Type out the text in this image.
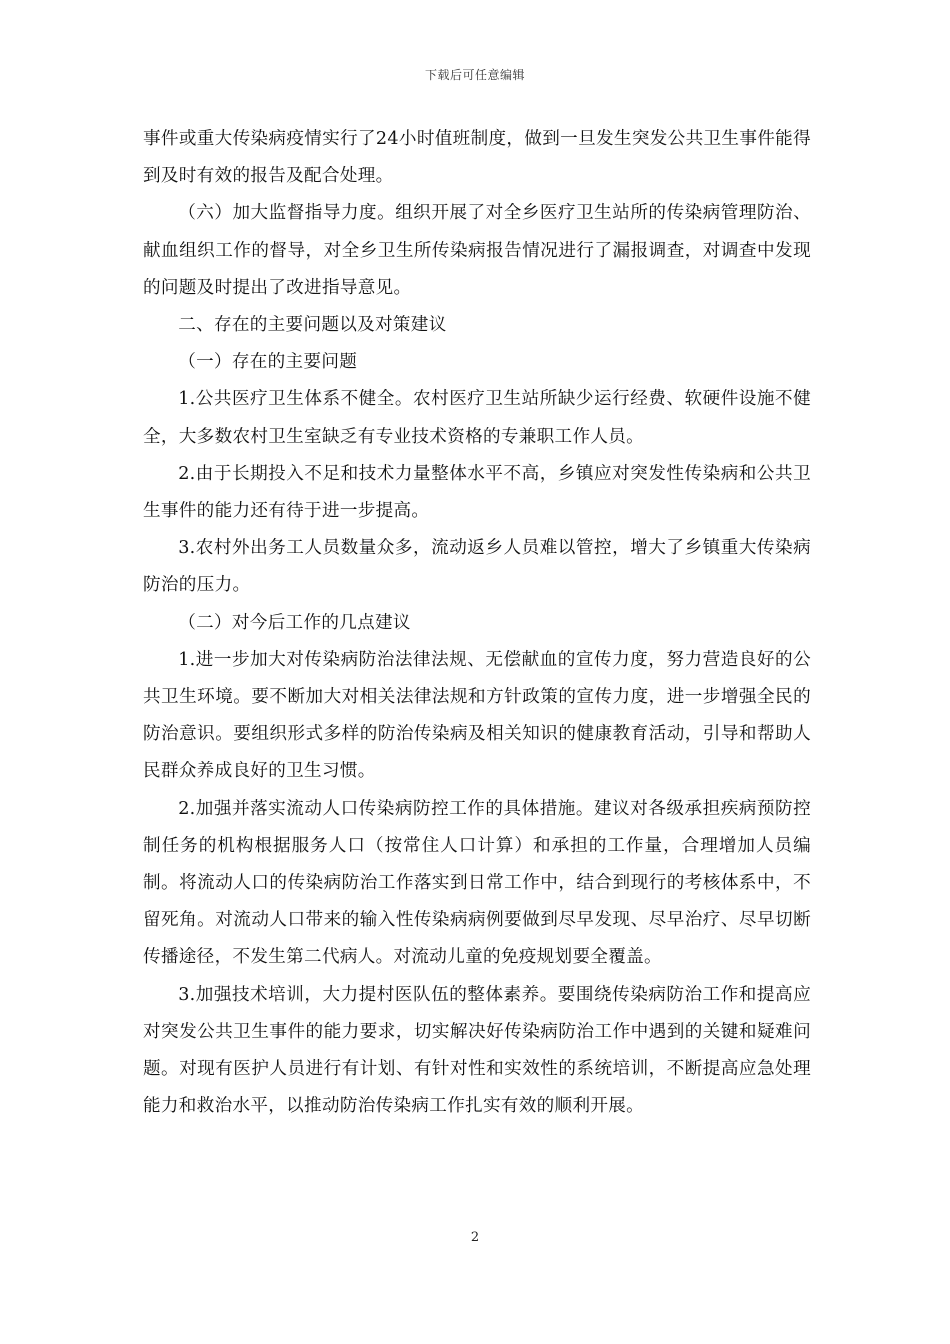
下载后可任意编辑

事件或重大传染病疫情实行了24小时值班制度，做到一旦发生突发公共卫生事件能得到及时有效的报告及配合处理。

（六）加大监督指导力度。组织开展了对全乡医疗卫生站所的传染病管理防治、献血组织工作的督导，对全乡卫生所传染病报告情况进行了漏报调查，对调查中发现的问题及时提出了改进指导意见。

二、存在的主要问题以及对策建议

（一）存在的主要问题

1.公共医疗卫生体系不健全。农村医疗卫生站所缺少运行经费、软硬件设施不健全，大多数农村卫生室缺乏有专业技术资格的专兼职工作人员。

2.由于长期投入不足和技术力量整体水平不高，乡镇应对突发性传染病和公共卫生事件的能力还有待于进一步提高。

3.农村外出务工人员数量众多，流动返乡人员难以管控，增大了乡镇重大传染病防治的压力。

（二）对今后工作的几点建议

1.进一步加大对传染病防治法律法规、无偿献血的宣传力度，努力营造良好的公共卫生环境。要不断加大对相关法律法规和方针政策的宣传力度，进一步增强全民的防治意识。要组织形式多样的防治传染病及相关知识的健康教育活动，引导和帮助人民群众养成良好的卫生习惯。

2.加强并落实流动人口传染病防控工作的具体措施。建议对各级承担疾病预防控制任务的机构根据服务人口（按常住人口计算）和承担的工作量，合理增加人员编制。将流动人口的传染病防治工作落实到日常工作中，结合到现行的考核体系中，不留死角。对流动人口带来的输入性传染病病例要做到尽早发现、尽早治疗、尽早切断传播途径，不发生第二代病人。对流动儿童的免疫规划要全覆盖。

3.加强技术培训，大力提村医队伍的整体素养。要围绕传染病防治工作和提高应对突发公共卫生事件的能力要求，切实解决好传染病防治工作中遇到的关键和疑难问题。对现有医护人员进行有计划、有针对性和实效性的系统培训，不断提高应急处理能力和救治水平，以推动防治传染病工作扎实有效的顺利开展。

2
